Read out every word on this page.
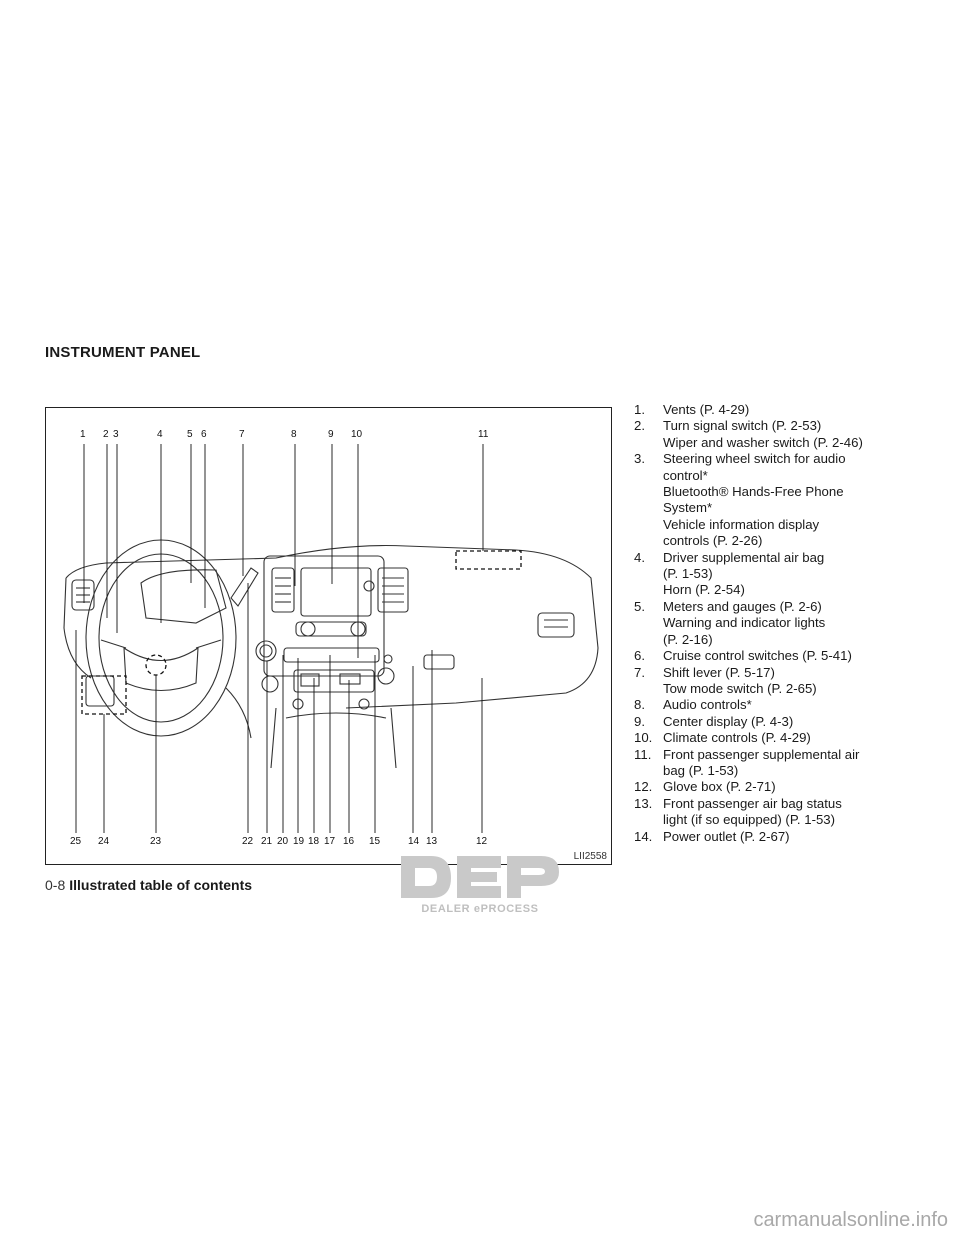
INSTRUMENT PANEL
1 2 3	4 5 6	7	8	9 10	11
25 24	23	22 21 20 19 18 17 16 15	14 13	12
LII2558
1.	Vents (P. 4-29)
2.	Turn signal switch (P. 2-53)
Wiper and washer switch (P. 2-46)
3.	Steering wheel switch for audio
control*
Bluetooth® Hands-Free Phone
System*
Vehicle information display
controls (P. 2-26)
4.	Driver supplemental air bag
(P. 1-53)
Horn (P. 2-54)
5.	Meters and gauges (P. 2-6)
Warning and indicator lights
(P. 2-16)
6.	Cruise control switches (P. 5-41)
7.	Shift lever (P. 5-17)
Tow mode switch (P. 2-65)
8.	Audio controls*
9.	Center display (P. 4-3)
10. Climate controls (P. 4-29)
11. Front passenger supplemental air
bag (P. 1-53)
12. Glove box (P. 2-71)
13. Front passenger air bag status
light (if so equipped) (P. 1-53)
14. Power outlet (P. 2-67)
0-8 Illustrated table of contents
DEALER ePROCESS
carmanualsonline.info
